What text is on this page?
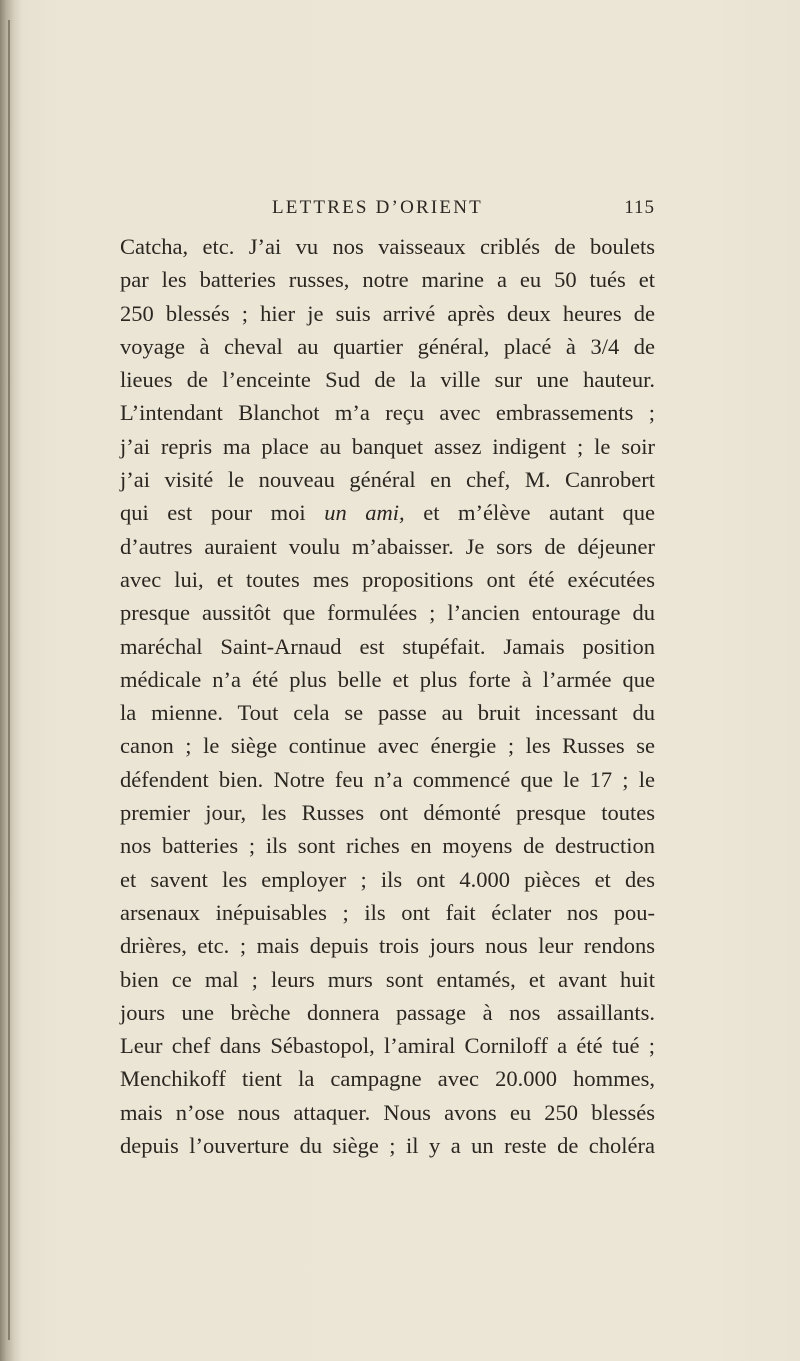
LETTRES D’ORIENT	115
Catcha, etc. J’ai vu nos vaisseaux criblés de boulets
par les batteries russes, notre marine a eu 50 tués et
250 blessés ; hier je suis arrivé après deux heures de
voyage à cheval au quartier général, placé à 3/4 de
lieues de l’enceinte Sud de la ville sur une hauteur.
L’intendant Blanchot m’a reçu avec embrassements ;
j’ai repris ma place au banquet assez indigent ; le soir
j’ai visité le nouveau général en chef, M. Canrobert
qui est pour moi un ami, et m’élève autant que
d’autres auraient voulu m’abaisser. Je sors de déjeuner
avec lui, et toutes mes propositions ont été exécutées
presque aussitôt que formulées ; l’ancien entourage du
maréchal Saint-Arnaud est stupéfait. Jamais position
médicale n’a été plus belle et plus forte à l’armée que
la mienne. Tout cela se passe au bruit incessant du
canon ; le siège continue avec énergie ; les Russes se
défendent bien. Notre feu n’a commencé que le 17 ; le
premier jour, les Russes ont démonté presque toutes
nos batteries ; ils sont riches en moyens de destruction
et savent les employer ; ils ont 4.000 pièces et des
arsenaux inépuisables ; ils ont fait éclater nos pou-
drières, etc. ; mais depuis trois jours nous leur rendons
bien ce mal ; leurs murs sont entamés, et avant huit
jours une brèche donnera passage à nos assaillants.
Leur chef dans Sébastopol, l’amiral Corniloff a été tué ;
Menchikoff tient la campagne avec 20.000 hommes,
mais n’ose nous attaquer. Nous avons eu 250 blessés
depuis l’ouverture du siège ; il y a un reste de choléra
